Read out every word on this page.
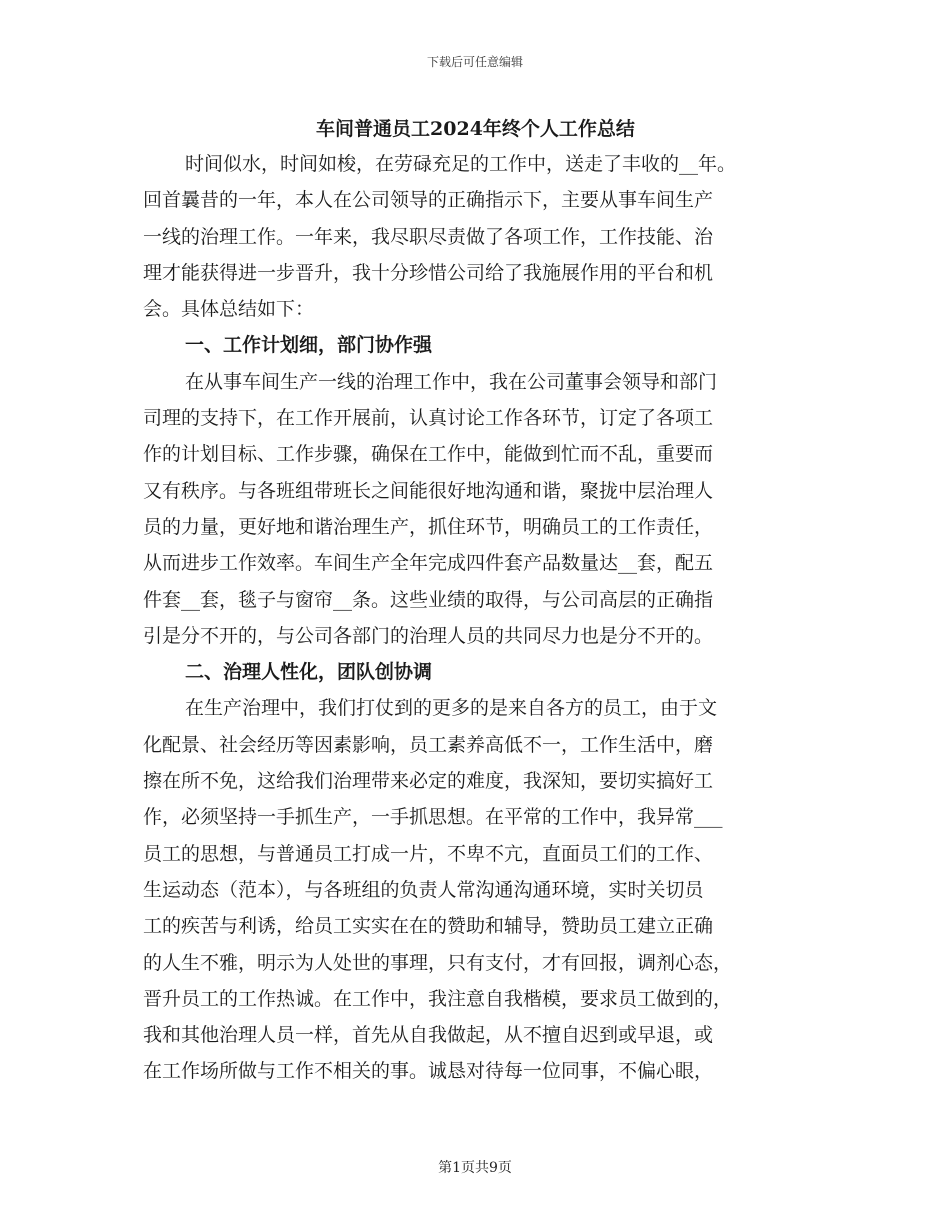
下载后可任意编辑
车间普通员工2024年终个人工作总结
时间似水，时间如梭，在劳碌充足的工作中，送走了丰收的__年。
回首曩昔的一年，本人在公司领导的正确指示下，主要从事车间生产
一线的治理工作。一年来，我尽职尽责做了各项工作，工作技能、治
理才能获得进一步晋升，我十分珍惜公司给了我施展作用的平台和机
会。具体总结如下：
一、工作计划细，部门协作强
在从事车间生产一线的治理工作中，我在公司董事会领导和部门
司理的支持下，在工作开展前，认真讨论工作各环节，订定了各项工
作的计划目标、工作步骤，确保在工作中，能做到忙而不乱，重要而
又有秩序。与各班组带班长之间能很好地沟通和谐，聚拢中层治理人
员的力量，更好地和谐治理生产，抓住环节，明确员工的工作责任，
从而进步工作效率。车间生产全年完成四件套产品数量达__套，配五
件套__套，毯子与窗帘__条。这些业绩的取得，与公司高层的正确指
引是分不开的，与公司各部门的治理人员的共同尽力也是分不开的。
二、治理人性化，团队创协调
在生产治理中，我们打仗到的更多的是来自各方的员工，由于文
化配景、社会经历等因素影响，员工素养高低不一，工作生活中，磨
擦在所不免，这给我们治理带来必定的难度，我深知，要切实搞好工
作，必须坚持一手抓生产，一手抓思想。在平常的工作中，我异常___
员工的思想，与普通员工打成一片，不卑不亢，直面员工们的工作、
生运动态（范本），与各班组的负责人常沟通沟通环境，实时关切员
工的疾苦与利诱，给员工实实在在的赞助和辅导，赞助员工建立正确
的人生不雅，明示为人处世的事理，只有支付，才有回报，调剂心态，
晋升员工的工作热诚。在工作中，我注意自我楷模，要求员工做到的，
我和其他治理人员一样，首先从自我做起，从不擅自迟到或早退，或
在工作场所做与工作不相关的事。诚恳对待每一位同事，不偏心眼，
第1页共9页
